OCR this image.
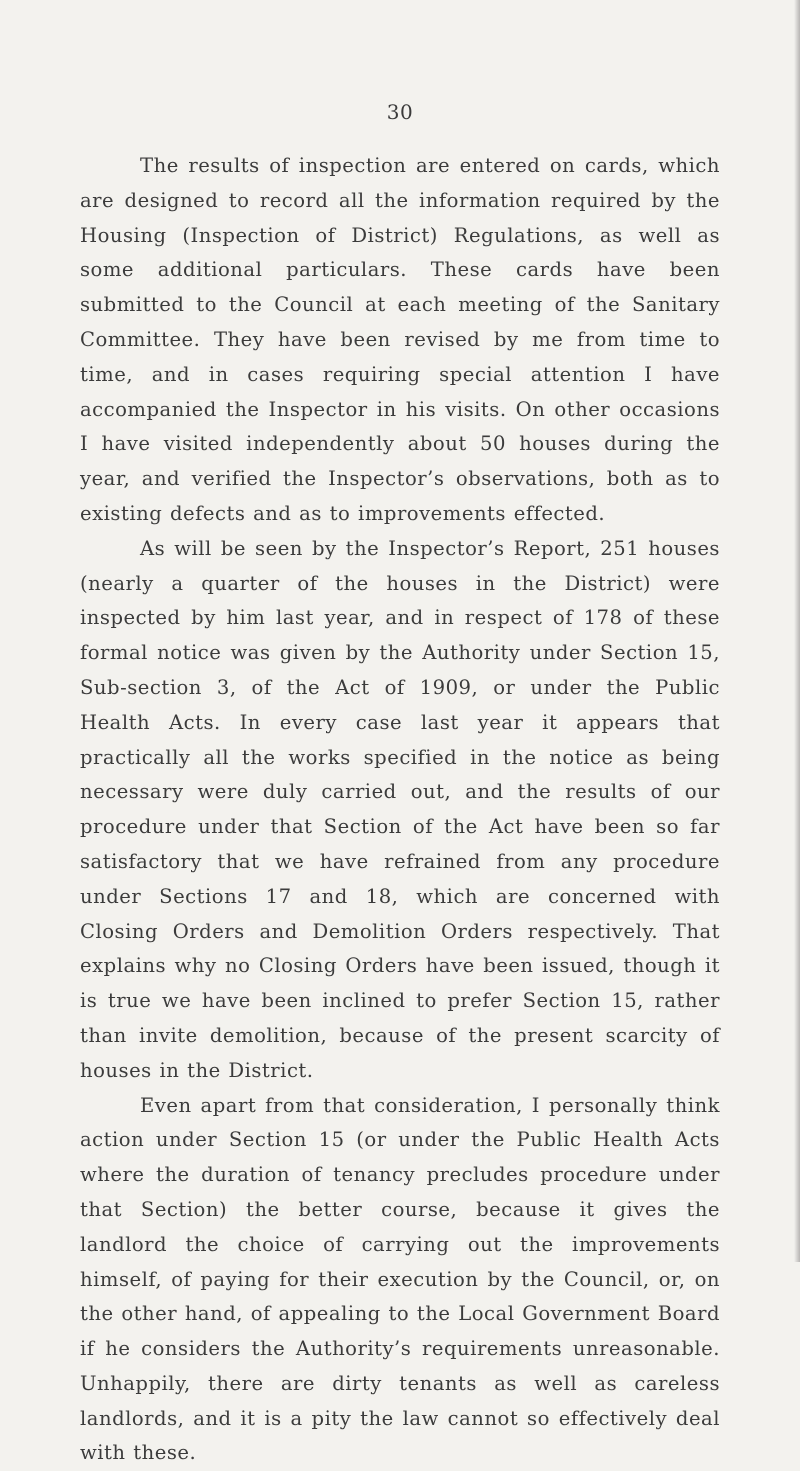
30

The results of inspection are entered on cards, which are designed to record all the information required by the Housing (Inspection of District) Regulations, as well as some additional particulars. These cards have been submitted to the Council at each meeting of the Sanitary Committee. They have been revised by me from time to time, and in cases requiring special attention I have accompanied the Inspector in his visits. On other occasions I have visited independently about 50 houses during the year, and verified the Inspector’s observations, both as to existing defects and as to improvements effected.

As will be seen by the Inspector’s Report, 251 houses (nearly a quarter of the houses in the District) were inspected by him last year, and in respect of 178 of these formal notice was given by the Authority under Section 15, Sub-section 3, of the Act of 1909, or under the Public Health Acts. In every case last year it appears that practically all the works specified in the notice as being necessary were duly carried out, and the results of our procedure under that Section of the Act have been so far satisfactory that we have refrained from any procedure under Sections 17 and 18, which are concerned with Closing Orders and Demolition Orders respectively. That explains why no Closing Orders have been issued, though it is true we have been inclined to prefer Section 15, rather than invite demolition, because of the present scarcity of houses in the District.

Even apart from that consideration, I personally think action under Section 15 (or under the Public Health Acts where the duration of tenancy precludes procedure under that Section) the better course, because it gives the landlord the choice of carrying out the improvements himself, of paying for their execution by the Council, or, on the other hand, of appealing to the Local Government Board if he considers the Authority’s requirements unreasonable. Unhappily, there are dirty tenants as well as careless landlords, and it is a pity the law cannot so effectively deal with these.
